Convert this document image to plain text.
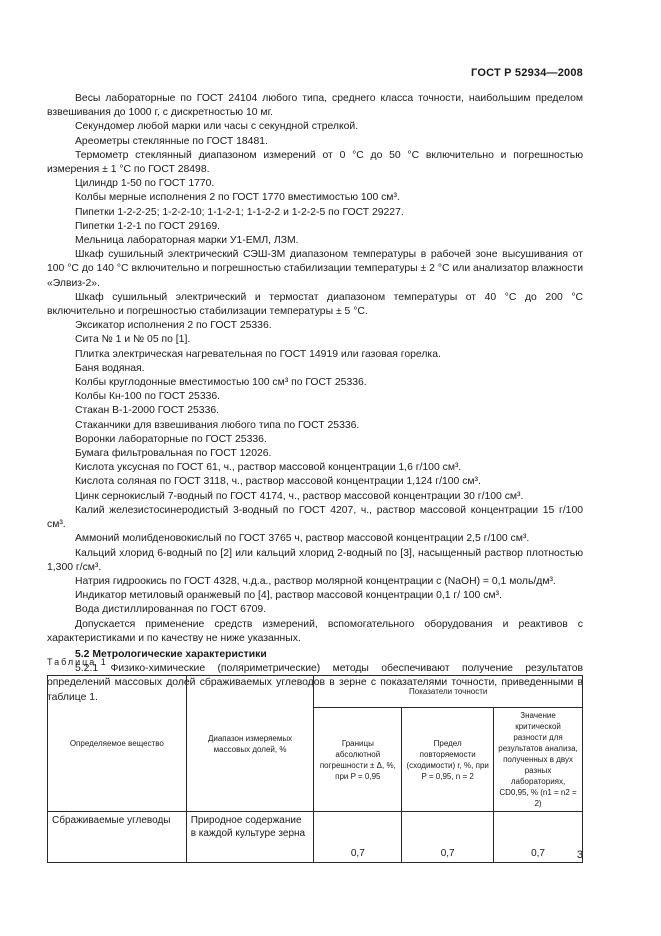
ГОСТ Р 52934—2008

Весы лабораторные по ГОСТ 24104 любого типа, среднего класса точности, наибольшим пределом взвешивания до 1000 г, с дискретностью 10 мг.

Секундомер любой марки или часы с секундной стрелкой.

Ареометры стеклянные по ГОСТ 18481.

Термометр стеклянный диапазоном измерений от 0 °С до 50 °С включительно и погрешностью измерения ± 1 °С по ГОСТ 28498.

Цилиндр 1-50 по ГОСТ 1770.

Колбы мерные исполнения 2 по ГОСТ 1770 вместимостью 100 см³.

Пипетки 1-2-2-25; 1-2-2-10; 1-1-2-1; 1-1-2-2 и 1-2-2-5 по ГОСТ 29227.

Пипетки 1-2-1 по ГОСТ 29169.

Мельница лабораторная марки У1-ЕМЛ, ЛЗМ.

Шкаф сушильный электрический СЭШ-3М диапазоном температуры в рабочей зоне высушивания от 100 °С до 140 °С включительно и погрешностью стабилизации температуры ± 2 °С или анализатор влажности «Элвиз-2».

Шкаф сушильный электрический и термостат диапазоном температуры от 40 °С до 200 °С включительно и погрешностью стабилизации температуры ± 5 °С.

Эксикатор исполнения 2 по ГОСТ 25336.

Сита № 1 и № 05 по [1].

Плитка электрическая нагревательная по ГОСТ 14919 или газовая горелка.

Баня водяная.

Колбы круглодонные вместимостью 100 см³ по ГОСТ 25336.

Колбы Кн-100 по ГОСТ 25336.

Стакан В-1-2000 ГОСТ 25336.

Стаканчики для взвешивания любого типа по ГОСТ 25336.

Воронки лабораторные по ГОСТ 25336.

Бумага фильтровальная по ГОСТ 12026.

Кислота уксусная по ГОСТ 61, ч., раствор массовой концентрации 1,6 г/100 см³.

Кислота соляная по ГОСТ 3118, ч., раствор массовой концентрации 1,124 г/100 см³.

Цинк сернокислый 7-водный по ГОСТ 4174, ч., раствор массовой концентрации 30 г/100 см³.

Калий железистосинеродистый 3-водный по ГОСТ 4207, ч., раствор массовой концентрации 15 г/100 см³.

Аммоний молибденовокислый по ГОСТ 3765 ч, раствор массовой концентрации 2,5 г/100 см³.

Кальций хлорид 6-водный по [2] или кальций хлорид 2-водный по [3], насыщенный раствор плотностью 1,300 г/см³.

Натрия гидроокись по ГОСТ 4328, ч.д.а., раствор молярной концентрации c (NaOH) = 0,1 моль/дм³.

Индикатор метиловый оранжевый по [4], раствор массовой концентрации 0,1 г/ 100 см³.

Вода дистиллированная по ГОСТ 6709.

Допускается применение средств измерений, вспомогательного оборудования и реактивов с характеристиками и по качеству не ниже указанных.

5.2 Метрологические характеристики

5.2.1 Физико-химические (поляриметрические) методы обеспечивают получение результатов определений массовых долей сбраживаемых углеводов в зерне с показателями точности, приведенными в таблице 1.

Таблица 1
Определяемое вещество	Диапазон измеряемых массовых долей, %	Показатели точности		
		Границы абсолютной погрешности ± Δ, %, при P = 0,95	Предел повторяемости (сходимости) r, %, при P = 0,95, n = 2	Значение критической разности для результатов анализа, полученных в двух разных лабораториях, CD0,95, % (n1 = n2 = 2)
Сбраживаемые углеводы	Природное содержание в каждой культуре зерна	0,7	0,7	0,7	3
